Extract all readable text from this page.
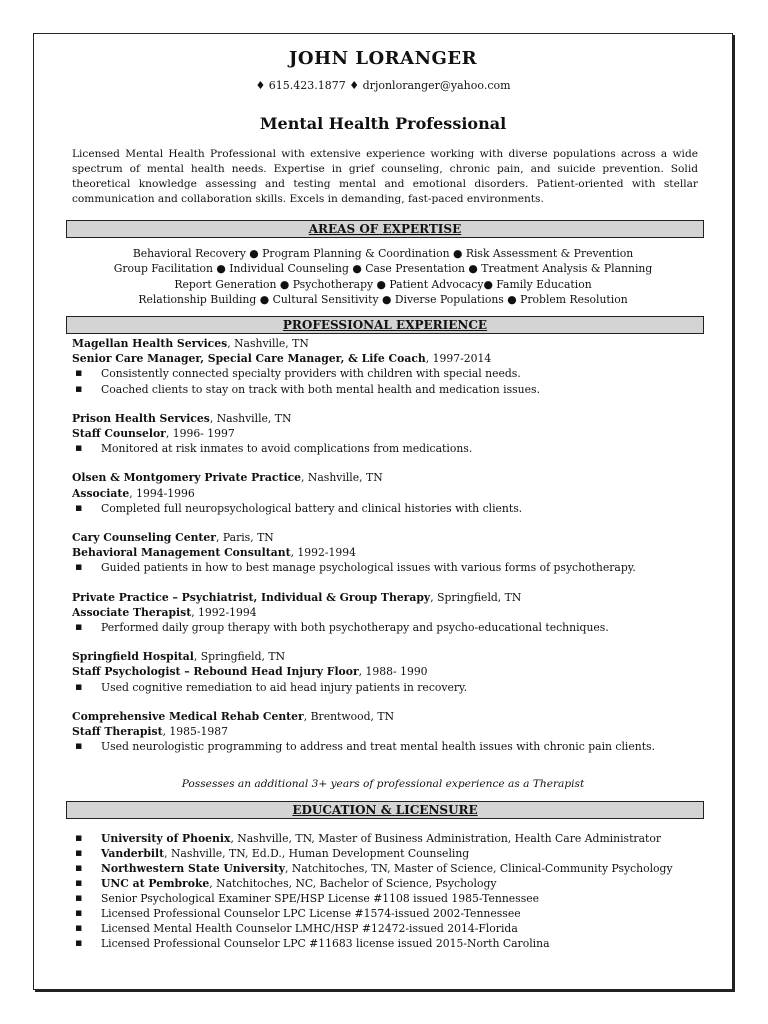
JOHN LORANGER
♦ 615.423.1877 ♦ drjonloranger@yahoo.com
Mental Health Professional
Licensed Mental Health Professional with extensive experience working with diverse populations across a wide spectrum of mental health needs. Expertise in grief counseling, chronic pain, and suicide prevention. Solid theoretical knowledge assessing and testing mental and emotional disorders. Patient-oriented with stellar communication and collaboration skills. Excels in demanding, fast-paced environments.
AREAS OF EXPERTISE
Behavioral Recovery ● Program Planning & Coordination ● Risk Assessment & Prevention
Group Facilitation ● Individual Counseling ● Case Presentation ● Treatment Analysis & Planning
Report Generation ● Psychotherapy ● Patient Advocacy● Family Education
Relationship Building ● Cultural Sensitivity ● Diverse Populations ● Problem Resolution
PROFESSIONAL EXPERIENCE
Magellan Health Services, Nashville, TN
Senior Care Manager, Special Care Manager, & Life Coach, 1997-2014
▪ Consistently connected specialty providers with children with special needs.
▪ Coached clients to stay on track with both mental health and medication issues.
Prison Health Services, Nashville, TN
Staff Counselor, 1996- 1997
▪ Monitored at risk inmates to avoid complications from medications.
Olsen & Montgomery Private Practice, Nashville, TN
Associate, 1994-1996
▪ Completed full neuropsychological battery and clinical histories with clients.
Cary Counseling Center, Paris, TN
Behavioral Management Consultant, 1992-1994
▪ Guided patients in how to best manage psychological issues with various forms of psychotherapy.
Private Practice – Psychiatrist, Individual & Group Therapy, Springfield, TN
Associate Therapist, 1992-1994
▪ Performed daily group therapy with both psychotherapy and psycho-educational techniques.
Springfield Hospital, Springfield, TN
Staff Psychologist – Rebound Head Injury Floor, 1988- 1990
▪ Used cognitive remediation to aid head injury patients in recovery.
Comprehensive Medical Rehab Center, Brentwood, TN
Staff Therapist, 1985-1987
▪ Used neurologistic programming to address and treat mental health issues with chronic pain clients.
Possesses an additional 3+ years of professional experience as a Therapist
EDUCATION & LICENSURE
▪ University of Phoenix, Nashville, TN, Master of Business Administration, Health Care Administrator
▪ Vanderbilt, Nashville, TN, Ed.D., Human Development Counseling
▪ Northwestern State University, Natchitoches, TN, Master of Science, Clinical-Community Psychology
▪ UNC at Pembroke, Natchitoches, NC, Bachelor of Science, Psychology
▪ Senior Psychological Examiner SPE/HSP License #1108 issued 1985-Tennessee
▪ Licensed Professional Counselor LPC License #1574-issued 2002-Tennessee
▪ Licensed Mental Health Counselor LMHC/HSP #12472-issued 2014-Florida
▪ Licensed Professional Counselor LPC #11683 license issued 2015-North Carolina
